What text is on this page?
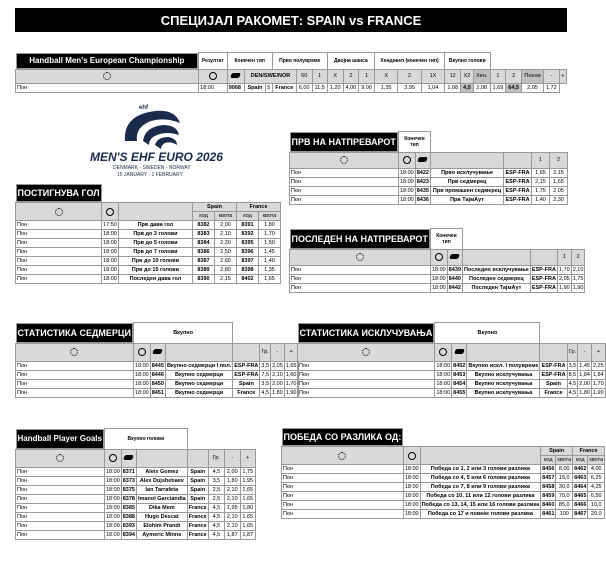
СПЕЦИЈАЛ РАКОМЕТ: SPAIN vs FRANCE
Handball Men's European Championship	Резултат	Конечен тип			Прво полувреме			Двојна шанса			Хендикеп (конечен тип)			Вкупно голови							
			DEN/SWE/NOR			60	1	X	2	1	X	2	1X	12	X2	Хен.	1	2	Поени	-	+
Пон	18:00	9068	Spain	5	France	6,00	11,5	1,20	4,00	9,00	1,35	3,95	1,04	1,08	4,5	2,08	1,69	64,5	2,05	1,72	
ehf
MEN'S EHF EURO 2026
DENMARK - SWEDEN - NORWAY
15 JANUARY - 1 FEBRUARY
ПРВ НА НАТПРЕВАРОТ	Конечен тип					
					1	2
Пон	18:00	8422	Прво исклучување	ESP-FRA	1,65	2,15
Пон	18:00	8423	Прв седмерец	ESP-FRA	2,15	1,65
Пон	18:00	8435	Прв промашен седмерец	ESP-FRA	1,75	2,05
Пон	18:00	8436	Прв ТајмАут	ESP-FRA	1,40	2,30
ПОСЛЕДЕН НА НАТПРЕВАРОТ	Конечен тип					
					1	2
Пон	18:00	8439	Последно исклучување	ESP-FRA	1,70	2,10
Пон	18:00	8440	Последен седмерец	ESP-FRA	2,05	1,75
Пон	18:00	8442	Последен ТајмАут	ESP-FRA	1,90	1,90
ПОСТИГНУВА ГОЛ

			Spain		France	
			код	квота	код	квота
Пон	17:50	Прв дава гол	8382	2,00	8391	1,80
Пон	18:00	Прв до 3 голови	8383	2,10	8392	1,70
Пон	18:00	Прв до 5 голови	8384	2,30	8395	1,50
Пон	18:00	Прв до 7 голови	8386	2,50	8396	1,45
Пон	18:00	Прв до 10 голови	8387	2,60	8397	1,40
Пон	18:00	Прв до 15 голови	8389	2,80	8398	1,35
Пон	18:00	Последен дава гол	8390	2,15	8402	1,65
СТАТИСТИКА СЕДМЕРЦИ	Вкупно						
					Гр.	-	+
Пон	18:00	8445	Вкупно седмерци I пол.	ESP-FRA	3,5	2,05	1,65
Пон	18:00	8446	Вкупно седмерци	ESP-FRA	7,5	2,10	1,60
Пон	18:00	8450	Вкупно седмерци	Spain	3,5	2,00	1,70
Пон	18:00	8451	Вкупно седмерци	France	4,5	1,80	1,90
СТАТИСТИКА ИСКЛУЧУВАЊА	Вкупно						
					Гр.	-	+
Пон	18:00	8452	Вкупно искл. I полувреме	ESP-FRA	3,5	1,45	2,25
Пон	18:00	8453	Вкупно исклучувања	ESP-FRA	8,5	1,84	1,84
Пон	18:00	8454	Вкупно исклучувања	Spain	4,5	2,00	1,70
Пон	18:00	8455	Вкупно исклучувања	France	4,5	1,80	1,90
Handball Player Goals	Вкупно голови						
					Гр.	-	+
Пон	18:00	8371	Aleix Gomez	Spain	4,5	2,00	1,75
Пон	18:00	8373	Alex Dujshebaev	Spain	3,5	1,80	1,95
Пон	18:00	8375	Ian Tarrafeta	Spain	2,5	2,10	1,65
Пон	18:00	8378	Imanol Garciandia	Spain	2,5	2,10	1,65
Пон	18:00	8385	Dika Mem	France	4,5	1,95	1,80
Пон	18:00	8388	Hugo Descat	France	4,5	2,10	1,65
Пон	18:00	8393	Elohim Prandi	France	4,5	2,10	1,65
Пон	18:00	8394	Aymeric Minne	France	4,5	1,87	1,87
ПОБЕДА СО РАЗЛИКА ОД:

			Spain		France	
			код	квота	код	квота
Пон	18:00	Победа со 1, 2 или 3 голови разлика	8456	8,00	8462	4,00
Пон	18:00	Победа со 4, 5 или 6 голови разлика	8457	15,0	8463	6,25
Пон	18:00	Победа со 7, 8 или 9 голови разлика	8458	30,0	8464	4,25
Пон	18:00	Победа со 10, 11 или 12 голови разлика	8459	70,0	8465	6,50
Пон	18:00	Победа со 13, 14, 15 или 16 голови разлика	8460	85,0	8466	10,0
Пон	18:00	Победа со 17 и повеќе голови разлика	8461	100	8467	20,0
